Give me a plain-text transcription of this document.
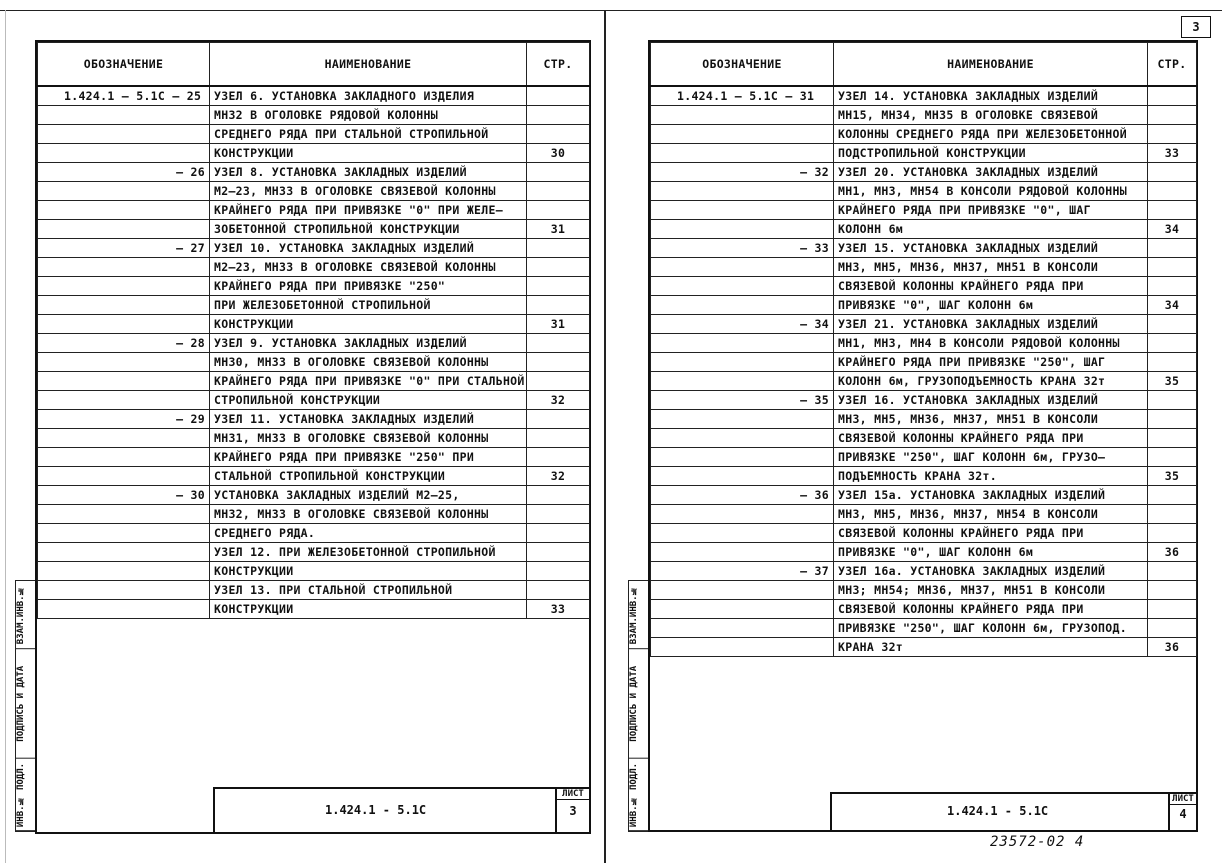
3
ИНВ.№ ПОДЛ.
ПОДПИСЬ И ДАТА
ВЗАМ.ИНВ.№
ОБОЗНАЧЕНИЕ	НАИМЕНОВАНИЕ	СТР.
1.424.1 – 5.1С – 25	УЗЕЛ 6. УСТАНОВКА ЗАКЛАДНОГО ИЗДЕЛИЯ	
	МН32 В ОГОЛОВКЕ РЯДОВОЙ КОЛОННЫ	
	СРЕДНЕГО РЯДА ПРИ СТАЛЬНОЙ СТРОПИЛЬНОЙ	
	КОНСТРУКЦИИ	30
– 26	УЗЕЛ 8. УСТАНОВКА ЗАКЛАДНЫХ ИЗДЕЛИЙ	
	М2–23, МН33 В ОГОЛОВКЕ СВЯЗЕВОЙ КОЛОННЫ	
	КРАЙНЕГО РЯДА ПРИ ПРИВЯЗКЕ "0" ПРИ ЖЕЛЕ–	
	ЗОБЕТОННОЙ СТРОПИЛЬНОЙ КОНСТРУКЦИИ	31
– 27	УЗЕЛ 10. УСТАНОВКА ЗАКЛАДНЫХ ИЗДЕЛИЙ	
	М2–23, МН33 В ОГОЛОВКЕ СВЯЗЕВОЙ КОЛОННЫ	
	КРАЙНЕГО РЯДА ПРИ ПРИВЯЗКЕ "250"	
	ПРИ ЖЕЛЕЗОБЕТОННОЙ СТРОПИЛЬНОЙ	
	КОНСТРУКЦИИ	31
– 28	УЗЕЛ 9. УСТАНОВКА ЗАКЛАДНЫХ ИЗДЕЛИЙ	
	МН30, МН33 В ОГОЛОВКЕ СВЯЗЕВОЙ КОЛОННЫ	
	КРАЙНЕГО РЯДА ПРИ ПРИВЯЗКЕ "0" ПРИ СТАЛЬНОЙ	
	СТРОПИЛЬНОЙ КОНСТРУКЦИИ	32
– 29	УЗЕЛ 11. УСТАНОВКА ЗАКЛАДНЫХ ИЗДЕЛИЙ	
	МН31, МН33 В ОГОЛОВКЕ СВЯЗЕВОЙ КОЛОННЫ	
	КРАЙНЕГО РЯДА ПРИ ПРИВЯЗКЕ "250" ПРИ	
	СТАЛЬНОЙ СТРОПИЛЬНОЙ КОНСТРУКЦИИ	32
– 30	УСТАНОВКА ЗАКЛАДНЫХ ИЗДЕЛИЙ М2–25,	
	МН32, МН33 В ОГОЛОВКЕ СВЯЗЕВОЙ КОЛОННЫ	
	СРЕДНЕГО РЯДА.	
	УЗЕЛ 12. ПРИ ЖЕЛЕЗОБЕТОННОЙ СТРОПИЛЬНОЙ	
	КОНСТРУКЦИИ	
	УЗЕЛ 13. ПРИ СТАЛЬНОЙ СТРОПИЛЬНОЙ	
	КОНСТРУКЦИИ	33
1.424.1 - 5.1С
ЛИСТ
3	ИНВ.№ ПОДЛ.
ПОДПИСЬ И ДАТА
ВЗАМ.ИНВ.№
ОБОЗНАЧЕНИЕ	НАИМЕНОВАНИЕ	СТР.
1.424.1 – 5.1С – 31	УЗЕЛ 14. УСТАНОВКА ЗАКЛАДНЫХ ИЗДЕЛИЙ	
	МН15, МН34, МН35 В ОГОЛОВКЕ СВЯЗЕВОЙ	
	КОЛОННЫ СРЕДНЕГО РЯДА ПРИ ЖЕЛЕЗОБЕТОННОЙ	
	ПОДСТРОПИЛЬНОЙ КОНСТРУКЦИИ	33
– 32	УЗЕЛ 20. УСТАНОВКА ЗАКЛАДНЫХ ИЗДЕЛИЙ	
	МН1, МН3, МН54 В КОНСОЛИ РЯДОВОЙ КОЛОННЫ	
	КРАЙНЕГО РЯДА ПРИ ПРИВЯЗКЕ "0", ШАГ	
	КОЛОНН 6м	34
– 33	УЗЕЛ 15. УСТАНОВКА ЗАКЛАДНЫХ ИЗДЕЛИЙ	
	МН3, МН5, МН36, МН37, МН51 В КОНСОЛИ	
	СВЯЗЕВОЙ КОЛОННЫ КРАЙНЕГО РЯДА ПРИ	
	ПРИВЯЗКЕ "0", ШАГ КОЛОНН 6м	34
– 34	УЗЕЛ 21. УСТАНОВКА ЗАКЛАДНЫХ ИЗДЕЛИЙ	
	МН1, МН3, МН4 В КОНСОЛИ РЯДОВОЙ КОЛОННЫ	
	КРАЙНЕГО РЯДА ПРИ ПРИВЯЗКЕ "250", ШАГ	
	КОЛОНН 6м, ГРУЗОПОДЪЕМНОСТЬ КРАНА 32т	35
– 35	УЗЕЛ 16. УСТАНОВКА ЗАКЛАДНЫХ ИЗДЕЛИЙ	
	МН3, МН5, МН36, МН37, МН51 В КОНСОЛИ	
	СВЯЗЕВОЙ КОЛОННЫ КРАЙНЕГО РЯДА ПРИ	
	ПРИВЯЗКЕ "250", ШАГ КОЛОНН 6м, ГРУЗО–	
	ПОДЪЕМНОСТЬ КРАНА 32т.	35
– 36	УЗЕЛ 15а. УСТАНОВКА ЗАКЛАДНЫХ ИЗДЕЛИЙ	
	МН3, МН5, МН36, МН37, МН54 В КОНСОЛИ	
	СВЯЗЕВОЙ КОЛОННЫ КРАЙНЕГО РЯДА ПРИ	
	ПРИВЯЗКЕ "0", ШАГ КОЛОНН 6м	36
– 37	УЗЕЛ 16а. УСТАНОВКА ЗАКЛАДНЫХ ИЗДЕЛИЙ	
	МН3; МН54; МН36, МН37, МН51 В КОНСОЛИ	
	СВЯЗЕВОЙ КОЛОННЫ КРАЙНЕГО РЯДА ПРИ	
	ПРИВЯЗКЕ "250", ШАГ КОЛОНН 6м, ГРУЗОПОД.	
	КРАНА 32т	36
1.424.1 - 5.1С
ЛИСТ
4
23572-02 4
